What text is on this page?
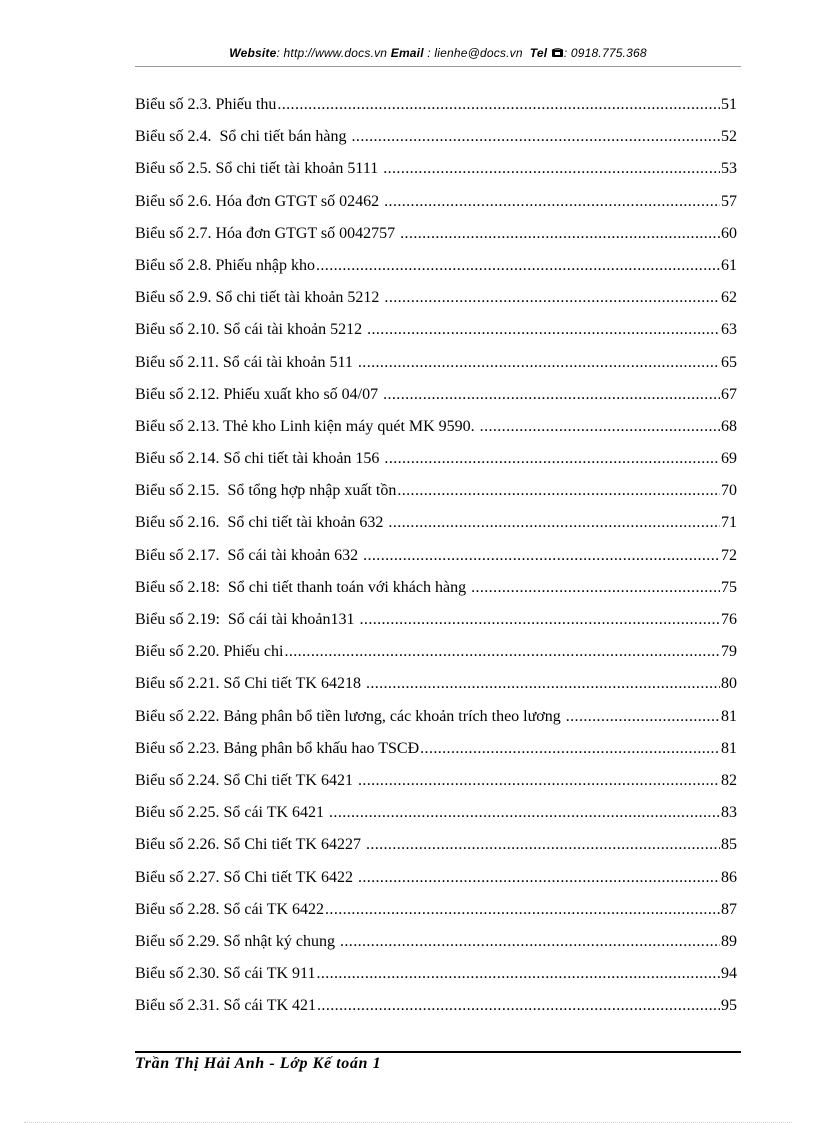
Website: http://www.docs.vn Email : lienhe@docs.vn Tel : 0918.775.368
Biểu số 2.3. Phiếu thu .....	51
Biểu số 2.4.  Sổ chi tiết bán hàng .....	52
Biểu số 2.5. Sổ chi tiết tài khoản 5111 .....	53
Biểu số 2.6. Hóa đơn GTGT số 02462 .....	57
Biểu số 2.7. Hóa đơn GTGT số 0042757 .....	60
Biểu số 2.8. Phiếu nhập kho .....	61
Biểu số 2.9. Sổ chi tiết tài khoản 5212 .....	62
Biểu số 2.10. Sổ cái tài khoản 5212 .....	63
Biểu số 2.11. Sổ cái tài khoản 511 .....	65
Biểu số 2.12. Phiếu xuất kho số 04/07 .....	67
Biểu số 2.13. Thẻ kho Linh kiện máy quét MK 9590. .....	68
Biểu số 2.14. Sổ chi tiết tài khoản 156 .....	69
Biểu số 2.15.  Sổ tổng hợp nhập xuất tồn .....	70
Biểu số 2.16.  Sổ chi tiết tài khoản 632 .....	71
Biểu số 2.17.  Sổ cái tài khoản 632 .....	72
Biểu số 2.18:  Sổ chi tiết thanh toán với khách hàng .....	75
Biểu số 2.19:  Sổ cái tài khoản131 .....	76
Biểu số 2.20. Phiếu chi .....	79
Biểu số 2.21. Sổ Chi tiết TK 64218 .....	80
Biểu số 2.22. Bảng phân bổ tiền lương, các khoản trích theo lương .....	81
Biểu số 2.23. Bảng phân bổ khấu hao TSCĐ .....	81
Biểu số 2.24. Sổ Chi tiết TK 6421 .....	82
Biểu số 2.25. Sổ cái TK 6421 .....	83
Biểu số 2.26. Sổ Chi tiết TK 64227 .....	85
Biểu số 2.27. Sổ Chi tiết TK 6422 .....	86
Biểu số 2.28. Sổ cái TK 6422 .....	87
Biểu số 2.29. Sổ nhật ký chung .....	89
Biểu số 2.30. Sổ cái TK 911 .....	94
Biểu số 2.31. Sổ cái TK 421 .....	95
Trần Thị Hải Anh - Lớp Kế toán 1
